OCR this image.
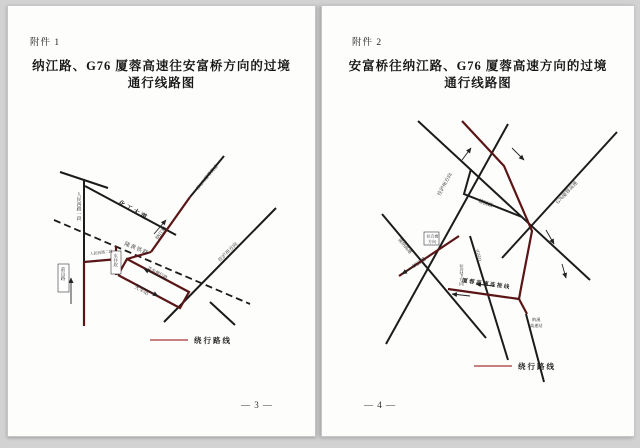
附件 1
纳江路、G76 厦蓉高速往安富桥方向的过境
通行线路图
前山路
水井坎
人民西路一段	化工大道
纳江路
往G76厦蓉高速
隆黄铁路	往泸州方向
人民西路二段
火车站
货车便行路
绕行路线
— 3 —
附件 2
安富桥往纳江路、G76 厦蓉高速方向的过境
通行线路图
往合面
方向
往泸州方向
建国路	G76厦蓉高速
纳江路
隆纳高速
往白节方向
(G321)
厦蓉高速连接线
纳溪
高速站
绕行路线
— 4 —
